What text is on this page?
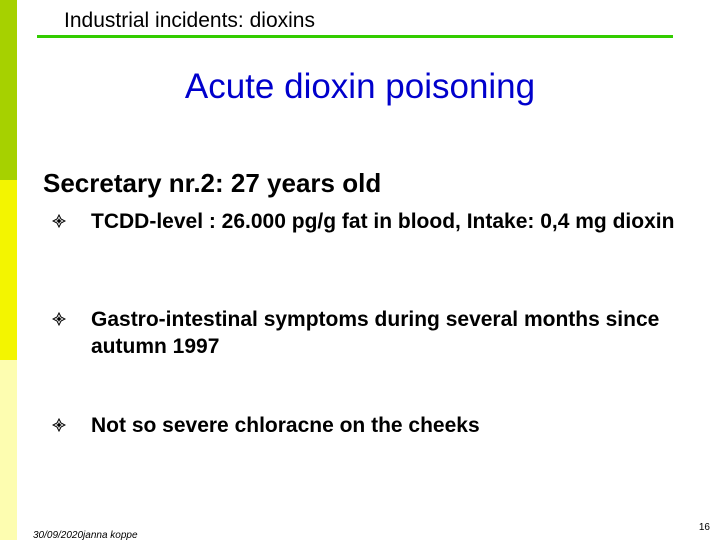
Industrial incidents: dioxins
Acute dioxin poisoning
Secretary nr.2: 27 years old
TCDD-level : 26.000 pg/g fat in blood, Intake: 0,4 mg dioxin
Gastro-intestinal symptoms during several months since autumn 1997
Not so severe chloracne on the cheeks
30/09/2020janna koppe
16
